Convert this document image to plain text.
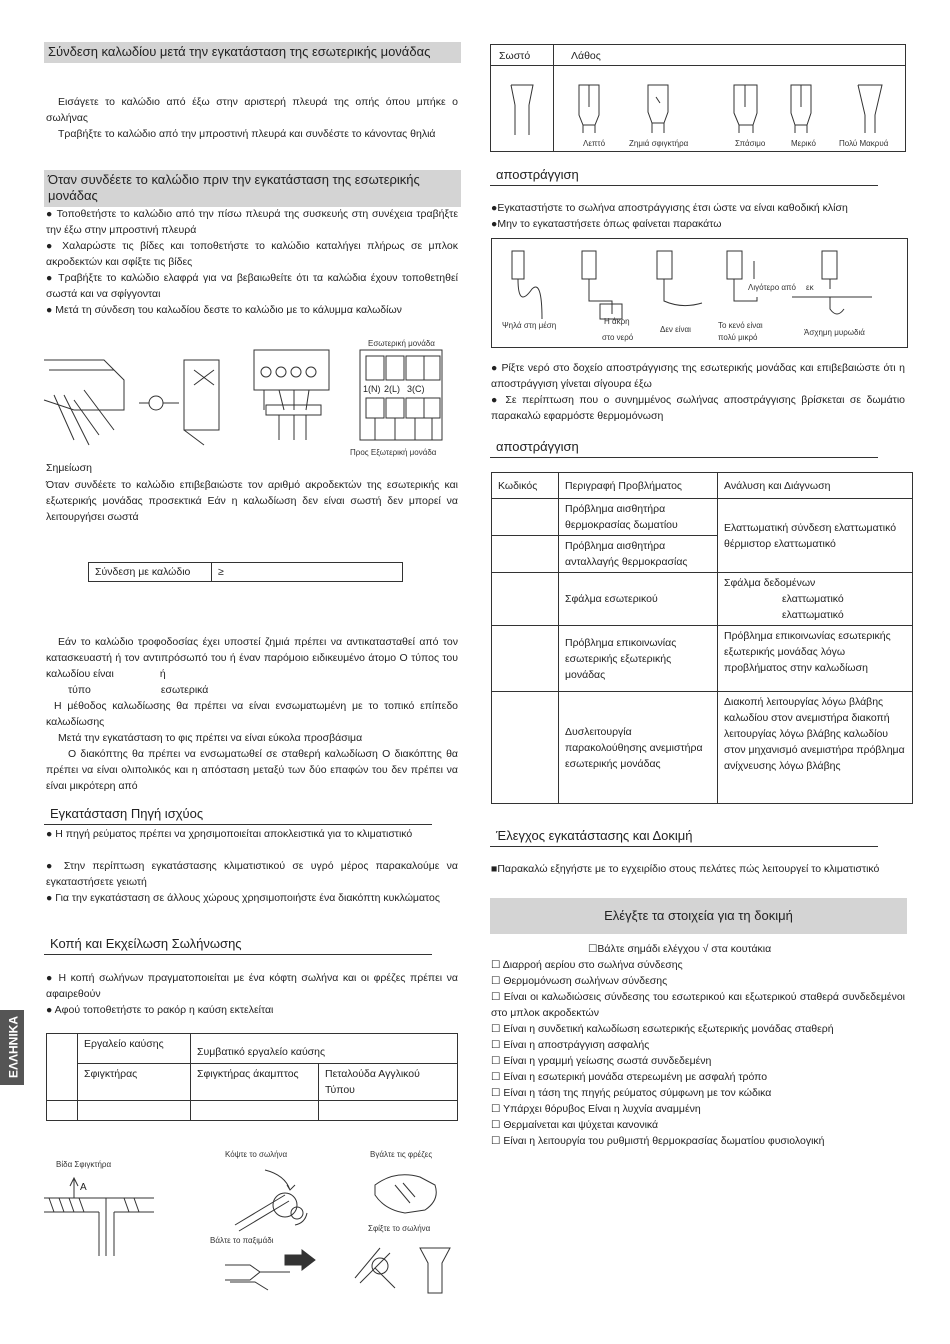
Σύνδεση καλωδίου μετά την εγκατάσταση της εσωτερικής μονάδας
Εισάγετε το καλώδιο από έξω στην αριστερή πλευρά της οπής όπου μπήκε ο σωλήνας
Τραβήξτε το καλώδιο από την μπροστινή πλευρά και συνδέστε το κάνοντας θηλιά
Όταν συνδέετε το καλώδιο πριν την εγκατάσταση της εσωτερικής μονάδας
● Τοποθετήστε το καλώδιο από την πίσω πλευρά της συσκευής στη συνέχεια τραβήξτε την έξω στην μπροστινή πλευρά
● Χαλαρώστε τις βίδες και τοποθετήστε το καλώδιο καταλήγει πλήρως σε μπλοκ ακροδεκτών και σφίξτε τις βίδες
● Τραβήξτε το καλώδιο ελαφρά για να βεβαιωθείτε ότι τα καλώδια έχουν τοποθετηθεί σωστά και να σφίγγονται
● Μετά τη σύνδεση του καλωδίου δεστε το καλώδιο με το κάλυμμα καλωδίων
1(N) 2(L) 3(C)
Εσωτερική μονάδα
Προς Εξωτερική μονάδα
Σημείωση
Όταν συνδέετε το καλώδιο επιβεβαιώστε τον αριθμό ακροδεκτών της εσωτερικής και εξωτερικής μονάδας προσεκτικά Εάν η καλωδίωση δεν είναι σωστή δεν μπορεί να λειτουργήσει σωστά
Σύνδεση με καλώδιο	≥
Εάν το καλώδιο τροφοδοσίας έχει υποστεί ζημιά πρέπει να αντικατασταθεί από τον κατασκευαστή ή τον αντιπρόσωπό του ή έναν παρόμοιο ειδικευμένο άτομο Ο τύπος του καλωδίου είναι	ή
τύπο	εσωτερικά
Η μέθοδος καλωδίωσης θα πρέπει να είναι ενσωματωμένη με το τοπικό επίπεδο καλωδίωσης
Μετά την εγκατάσταση το φις πρέπει να είναι εύκολα προσβάσιμα
Ο διακόπτης θα πρέπει να ενσωματωθεί σε σταθερή καλωδίωση Ο διακόπτης θα πρέπει να είναι ολιπολικός και η απόσταση μεταξύ των δύο επαφών του δεν πρέπει να είναι μικρότερη από
Εγκατάσταση Πηγή ισχύος
● Η πηγή ρεύματος πρέπει να χρησιμοποιείται αποκλειστικά για το κλιματιστικό
● Στην περίπτωση εγκατάστασης κλιματιστικού σε υγρό μέρος παρακαλούμε να εγκαταστήσετε γειωτή
● Για την εγκατάσταση σε άλλους χώρους χρησιμοποιήστε ένα διακόπτη κυκλώματος
Κοπή και Εκχείλωση Σωλήνωσης
● Η κοπή σωλήνων πραγματοποιείται με ένα κόφτη σωλήνα και οι φρέζες πρέπει να αφαιρεθούν
● Αφού τοποθετήστε το ρακόρ η καύση εκτελείται
	Εργαλείο καύσης	Συμβατικό εργαλείο καύσης	
	Σφιγκτήρας	Σφιγκτήρας άκαμπτος	Πεταλούδα Αγγλικού Τύπου

Βίδα Σφιγκτήρα
A
Κόψτε το σωλήνα
Βάλτε το παξιμάδι
Βγάλτε τις φρέζες
Σφίξτε το σωλήνα
ΕΛΛΗΝΙΚΑ
Σωστό	Λάθος
Λεπτό	Ζημιά σφιγκτήρα	Σπάσιμο	Μερικό	Πολύ Μακρυά
αποστράγγιση
●Εγκαταστήστε το σωλήνα αποστράγγισης έτσι ώστε να είναι καθοδική κλίση
●Μην το εγκαταστήσετε όπως φαίνεται παρακάτω
Ψηλά στη μέση	Η άκρη
στο νερό
Δεν είναι	Το κενό είναι
πολύ μικρό
Λιγότερο από εκ
Άσχημη μυρωδιά
● Ρίξτε νερό στο δοχείο αποστράγγισης της εσωτερικής μονάδας και επιβεβαιώστε ότι η αποστράγγιση γίνεται σίγουρα έξω
● Σε περίπτωση που ο συνημμένος σωλήνας αποστράγγισης βρίσκεται σε δωμάτιο παρακαλώ εφαρμόστε θερμομόνωση
αποστράγγιση
Κωδικός	Περιγραφή Προβλήματος	Ανάλυση και Διάγνωση
	Πρόβλημα αισθητήρα θερμοκρασίας δωματίου	Ελαττωματική σύνδεση ελαττωματικό θέρμιστορ ελαττωματικό
	Πρόβλημα αισθητήρα ανταλλαγής θερμοκρασίας	
	Σφάλμα εσωτερικού	Σφάλμα δεδομένων
ελαττωματικό
ελαττωματικό

	Πρόβλημα επικοινωνίας εσωτερικής εξωτερικής μονάδας	Πρόβλημα επικοινωνίας εσωτερικής εξωτερικής μονάδας λόγω προβλήματος στην καλωδίωση
	Δυσλειτουργία παρακολούθησης ανεμιστήρα εσωτερικής μονάδας	Διακοπή λειτουργίας λόγω βλάβης καλωδίου στον ανεμιστήρα διακοπή λειτουργίας λόγω βλάβης καλωδίου στον μηχανισμό ανεμιστήρα πρόβλημα ανίχνευσης λόγω βλάβης
Έλεγχος εγκατάστασης και Δοκιμή
■Παρακαλώ εξηγήστε με το εγχειρίδιο στους πελάτες πώς λειτουργεί το κλιματιστικό
Ελέγξτε τα στοιχεία για τη δοκιμή
☐Βάλτε σημάδι ελέγχου √ στα κουτάκια
☐ Διαρροή αερίου στο σωλήνα σύνδεσης
☐ Θερμομόνωση σωλήνων σύνδεσης
☐ Είναι οι καλωδιώσεις σύνδεσης του εσωτερικού και εξωτερικού σταθερά συνδεδεμένοι στο μπλοκ ακροδεκτών
☐ Είναι η συνδετική καλωδίωση εσωτερικής εξωτερικής μονάδας σταθερή
☐ Είναι η αποστράγγιση ασφαλής
☐ Είναι η γραμμή γείωσης σωστά συνδεδεμένη
☐ Είναι η εσωτερική μονάδα στερεωμένη με ασφαλή τρόπο
☐ Είναι η τάση της πηγής ρεύματος σύμφωνη με τον κώδικα
☐ Υπάρχει θόρυβος Είναι η λυχνία αναμμένη
☐ Θερμαίνεται και ψύχεται κανονικά
☐ Είναι η λειτουργία του ρυθμιστή θερμοκρασίας δωματίου φυσιολογική
